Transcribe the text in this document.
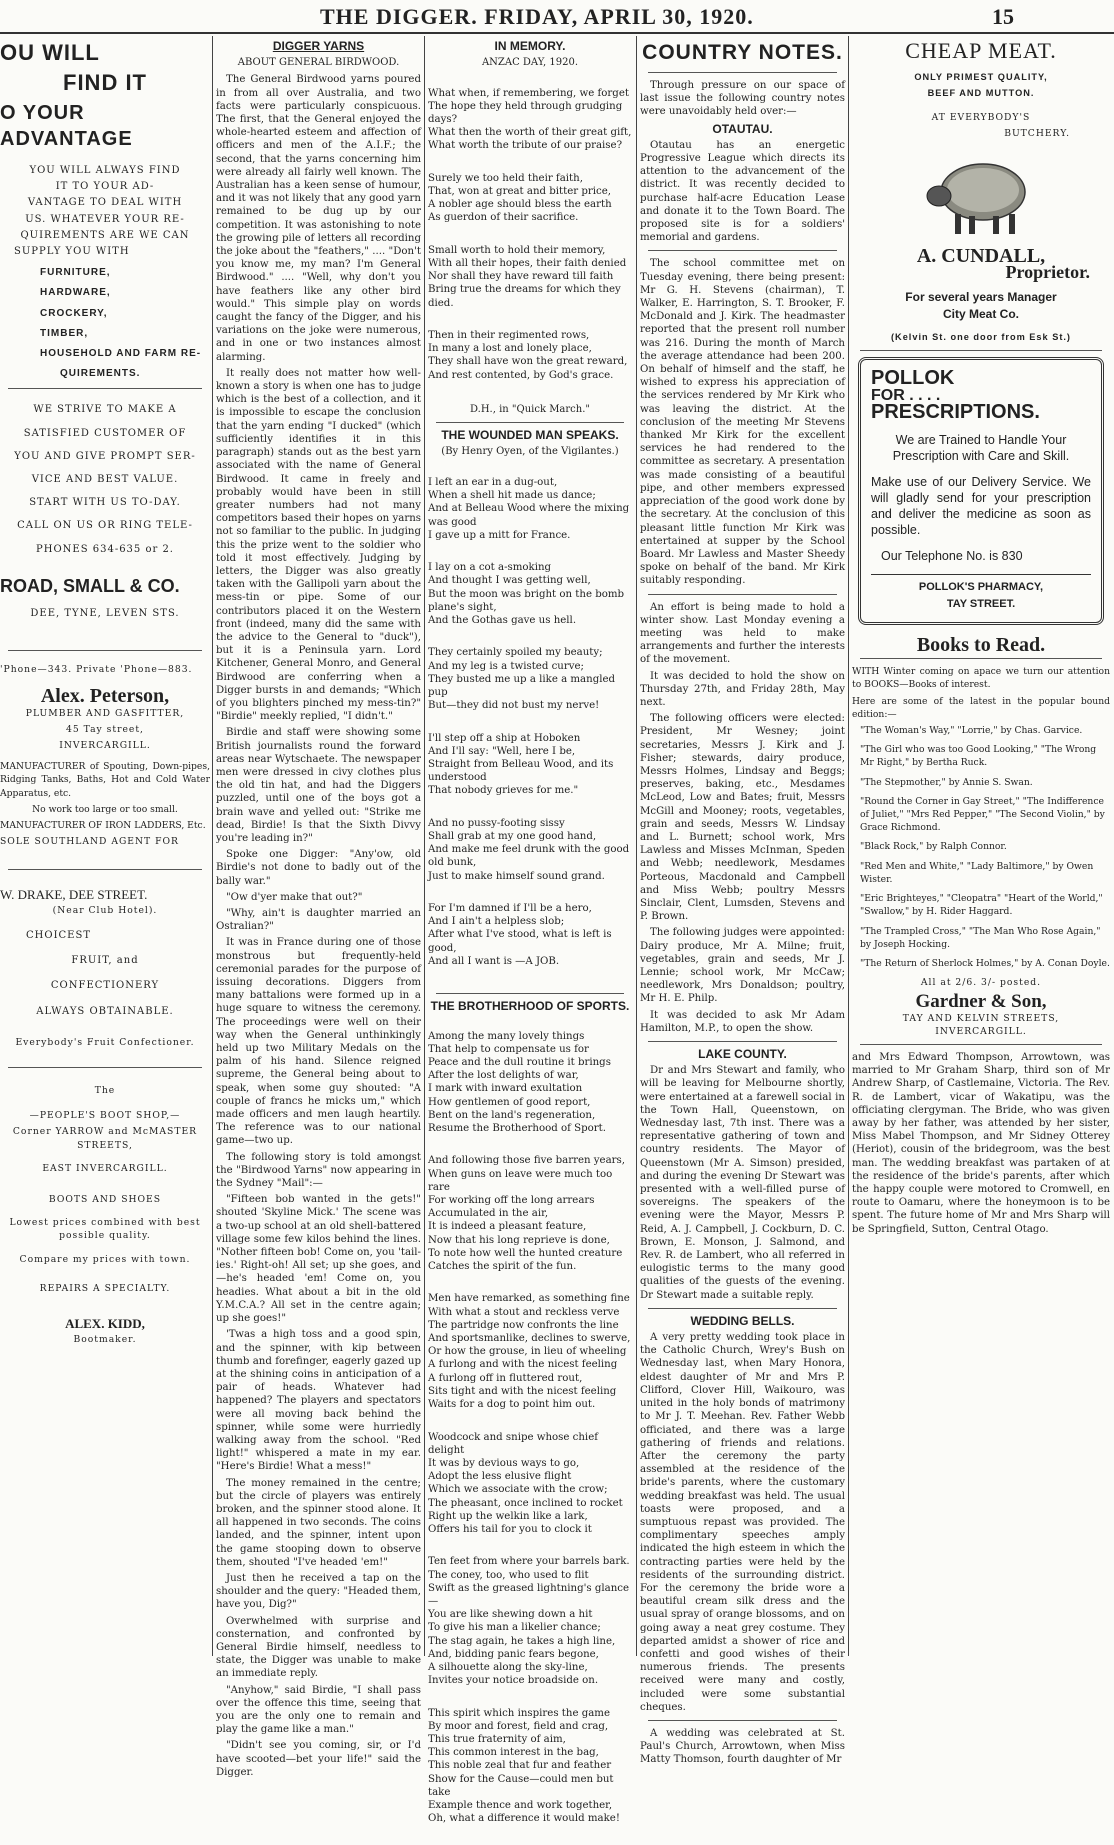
THE DIGGER. FRIDAY, APRIL 30, 1920.	15
OU WILL
FIND IT
O YOUR ADVANTAGE
YOU WILL ALWAYS FIND
IT TO YOUR AD-
VANTAGE TO DEAL WITH
US. WHATEVER YOUR RE-
QUIREMENTS ARE WE CAN
SUPPLY YOU WITH
FURNITURE,
HARDWARE,
CROCKERY,
TIMBER,
HOUSEHOLD AND FARM RE-
QUIREMENTS.
WE STRIVE TO MAKE A
SATISFIED CUSTOMER OF
YOU AND GIVE PROMPT SER-
VICE AND BEST VALUE.
START WITH US TO-DAY.
CALL ON US OR RING TELE-
PHONES 634-635 or 2.
ROAD, SMALL & CO.
DEE, TYNE, LEVEN STS.
'Phone—343. Private 'Phone—883.
Alex. Peterson,
PLUMBER AND GASFITTER,
45 Tay street,
INVERCARGILL.

MANUFACTURER of Spouting, Down-pipes, Ridging Tanks, Baths, Hot and Cold Water Apparatus, etc.

No work too large or too small.

MANUFACTURER OF IRON LADDERS, Etc.

SOLE SOUTHLAND AGENT FOR

W. DRAKE, DEE STREET.
(Near Club Hotel).
CHOICEST
FRUIT, and
CONFECTIONERY
ALWAYS OBTAINABLE.
Everybody's Fruit Confectioner.
The
—PEOPLE'S BOOT SHOP,—
Corner YARROW and McMASTER STREETS,
EAST INVERCARGILL.
BOOTS AND SHOES
Lowest prices combined with best possible quality.
Compare my prices with town.
REPAIRS A SPECIALTY.
ALEX. KIDD,
Bootmaker.
DIGGER YARNS
ABOUT GENERAL BIRDWOOD.

The General Birdwood yarns poured in from all over Australia, and two facts were particularly conspicuous. The first, that the General enjoyed the whole-hearted esteem and affection of officers and men of the A.I.F.; the second, that the yarns concerning him were already all fairly well known. The Australian has a keen sense of humour, and it was not likely that any good yarn remained to be dug up by our competition. It was astonishing to note the growing pile of letters all recording the joke about the "feathers," .... "Don't you know me, my man? I'm General Birdwood." .... "Well, why don't you have feathers like any other bird would." This simple play on words caught the fancy of the Digger, and his variations on the joke were numerous, and in one or two instances almost alarming.

It really does not matter how well-known a story is when one has to judge which is the best of a collection, and it is impossible to escape the conclusion that the yarn ending "I ducked" (which sufficiently identifies it in this paragraph) stands out as the best yarn associated with the name of General Birdwood. It came in freely and probably would have been in still greater numbers had not many competitors based their hopes on yarns not so familiar to the public. In judging this the prize went to the soldier who told it most effectively. Judging by letters, the Digger was also greatly taken with the Gallipoli yarn about the mess-tin or pipe. Some of our contributors placed it on the Western front (indeed, many did the same with the advice to the General to "duck"), but it is a Peninsula yarn. Lord Kitchener, General Monro, and General Birdwood are conferring when a Digger bursts in and demands; "Which of you blighters pinched my mess-tin?" "Birdie" meekly replied, "I didn't."

Birdie and staff were showing some British journalists round the forward areas near Wytschaete. The newspaper men were dressed in civy clothes plus the old tin hat, and had the Diggers puzzled, until one of the boys got a brain wave and yelled out: "Strike me dead, Birdie! Is that the Sixth Divvy you're leading in?"

Spoke one Digger: "Any'ow, old Birdie's not done to badly out of the bally war."

"Ow d'yer make that out?"

"Why, ain't is daughter married an Ostralian?"

It was in France during one of those monstrous but frequently-held ceremonial parades for the purpose of issuing decorations. Diggers from many battalions were formed up in a huge square to witness the ceremony. The proceedings were well on their way when the General unthinkingly held up two Military Medals on the palm of his hand. Silence reigned supreme, the General being about to speak, when some guy shouted: "A couple of francs he micks um," which made officers and men laugh heartily. The reference was to our national game—two up.

The following story is told amongst the "Birdwood Yarns" now appearing in the Sydney "Mail":—

"Fifteen bob wanted in the gets!" shouted 'Skyline Mick.' The scene was a two-up school at an old shell-battered village some few kilos behind the lines. "Nother fifteen bob! Come on, you 'tail-ies.' Right-oh! All set; up she goes, and—he's headed 'em! Come on, you headies. What about a bit in the old Y.M.C.A.? All set in the centre again; up she goes!"

'Twas a high toss and a good spin, and the spinner, with kip between thumb and forefinger, eagerly gazed up at the shining coins in anticipation of a pair of heads. Whatever had happened? The players and spectators were all moving back behind the spinner, while some were hurriedly walking away from the school. "Red light!" whispered a mate in my ear. "Here's Birdie! What a mess!"

The money remained in the centre; but the circle of players was entirely broken, and the spinner stood alone. It all happened in two seconds. The coins landed, and the spinner, intent upon the game stooping down to observe them, shouted "I've headed 'em!"

Just then he received a tap on the shoulder and the query: "Headed them, have you, Dig?"

Overwhelmed with surprise and consternation, and confronted by General Birdie himself, needless to state, the Digger was unable to make an immediate reply.

"Anyhow," said Birdie, "I shall pass over the offence this time, seeing that you are the only one to remain and play the game like a man."

"Didn't see you coming, sir, or I'd have scooted—bet your life!" said the Digger.

IN MEMORY.
ANZAC DAY, 1920.

What when, if remembering, we forget
The hope they held through grudging days?
What then the worth of their great gift,
What worth the tribute of our praise?

Surely we too held their faith,
That, won at great and bitter price,
A nobler age should bless the earth
As guerdon of their sacrifice.

Small worth to hold their memory,
With all their hopes, their faith denied
Nor shall they have reward till faith
Bring true the dreams for which they died.

Then in their regimented rows,
In many a lost and lonely place,
They shall have won the great reward,
And rest contented, by God's grace.

D.H., in "Quick March."
THE WOUNDED MAN SPEAKS.
(By Henry Oyen, of the Vigilantes.)

I left an ear in a dug-out,
When a shell hit made us dance;
And at Belleau Wood where the mixing was good
I gave up a mitt for France.

I lay on a cot a-smoking
And thought I was getting well,
But the moon was bright on the bomb plane's sight,
And the Gothas gave us hell.

They certainly spoiled my beauty;
And my leg is a twisted curve;
They busted me up a like a mangled pup
But—they did not bust my nerve!

I'll step off a ship at Hoboken
And I'll say: "Well, here I be,
Straight from Belleau Wood, and its understood
That nobody grieves for me."

And no pussy-footing sissy
Shall grab at my one good hand,
And make me feel drunk with the good old bunk,
Just to make himself sound grand.

For I'm damned if I'll be a hero,
And I ain't a helpless slob;
After what I've stood, what is left is good,
And all I want is —A JOB.

THE BROTHERHOOD OF SPORTS.

Among the many lovely things
That help to compensate us for
Peace and the dull routine it brings
After the lost delights of war,
I mark with inward exultation
How gentlemen of good report,
Bent on the land's regeneration,
Resume the Brotherhood of Sport.

And following those five barren years,
When guns on leave were much too rare
For working off the long arrears
Accumulated in the air,
It is indeed a pleasant feature,
Now that his long reprieve is done,
To note how well the hunted creature
Catches the spirit of the fun.

Men have remarked, as something fine
With what a stout and reckless verve
The partridge now confronts the line
And sportsmanlike, declines to swerve,
Or how the grouse, in lieu of wheeling
A furlong and with the nicest feeling
A furlong off in fluttered rout,
Sits tight and with the nicest feeling
Waits for a dog to point him out.

Woodcock and snipe whose chief delight
It was by devious ways to go,
Adopt the less elusive flight
Which we associate with the crow;
The pheasant, once inclined to rocket
Right up the welkin like a lark,
Offers his tail for you to clock it

Ten feet from where your barrels bark.
The coney, too, who used to flit
Swift as the greased lightning's glance—
You are like shewing down a hit
To give his man a likelier chance;
The stag again, he takes a high line,
And, bidding panic fears begone,
A silhouette along the sky-line,
Invites your notice broadside on.

This spirit which inspires the game
By moor and forest, field and crag,
This true fraternity of aim,
This common interest in the bag,
This noble zeal that fur and feather
Show for the Cause—could men but take
Example thence and work together,
Oh, what a difference it would make!

COUNTRY NOTES.

Through pressure on our space of last issue the following country notes were unavoidably held over:—

OTAUTAU.

Otautau has an energetic Progressive League which directs its attention to the advancement of the district. It was recently decided to purchase half-acre Education Lease and donate it to the Town Board. The proposed site is for a soldiers' memorial and gardens.

The school committee met on Tuesday evening, there being present: Mr G. H. Stevens (chairman), T. Walker, E. Harrington, S. T. Brooker, F. McDonald and J. Kirk. The headmaster reported that the present roll number was 216. During the month of March the average attendance had been 200. On behalf of himself and the staff, he wished to express his appreciation of the services rendered by Mr Kirk who was leaving the district. At the conclusion of the meeting Mr Stevens thanked Mr Kirk for the excellent services he had rendered to the committee as secretary. A presentation was made consisting of a beautiful pipe, and other members expressed appreciation of the good work done by the secretary. At the conclusion of this pleasant little function Mr Kirk was entertained at supper by the School Board. Mr Lawless and Master Sheedy spoke on behalf of the band. Mr Kirk suitably responding.

An effort is being made to hold a winter show. Last Monday evening a meeting was held to make arrangements and further the interests of the movement.

It was decided to hold the show on Thursday 27th, and Friday 28th, May next.

The following officers were elected: President, Mr Wesney; joint secretaries, Messrs J. Kirk and J. Fisher; stewards, dairy produce, Messrs Holmes, Lindsay and Beggs; preserves, baking, etc., Mesdames McLeod, Low and Bates; fruit, Messrs McGill and Mooney; roots, vegetables, grain and seeds, Messrs W. Lindsay and L. Burnett; school work, Mrs Lawless and Misses McInman, Speden and Webb; needlework, Mesdames Porteous, Macdonald and Campbell and Miss Webb; poultry Messrs Sinclair, Clent, Lumsden, Stevens and P. Brown.

The following judges were appointed: Dairy produce, Mr A. Milne; fruit, vegetables, grain and seeds, Mr J. Lennie; school work, Mr McCaw; needlework, Mrs Donaldson; poultry, Mr H. E. Philp.

It was decided to ask Mr Adam Hamilton, M.P., to open the show.

LAKE COUNTY.

Dr and Mrs Stewart and family, who will be leaving for Melbourne shortly, were entertained at a farewell social in the Town Hall, Queenstown, on Wednesday last, 7th inst. There was a representative gathering of town and country residents. The Mayor of Queenstown (Mr A. Simson) presided, and during the evening Dr Stewart was presented with a well-filled purse of sovereigns. The speakers of the evening were the Mayor, Messrs P. Reid, A. J. Campbell, J. Cockburn, D. C. Brown, E. Monson, J. Salmond, and Rev. R. de Lambert, who all referred in eulogistic terms to the many good qualities of the guests of the evening. Dr Stewart made a suitable reply.

WEDDING BELLS.

A very pretty wedding took place in the Catholic Church, Wrey's Bush on Wednesday last, when Mary Honora, eldest daughter of Mr and Mrs P. Clifford, Clover Hill, Waikouro, was united in the holy bonds of matrimony to Mr J. T. Meehan. Rev. Father Webb officiated, and there was a large gathering of friends and relations. After the ceremony the party assembled at the residence of the bride's parents, where the customary wedding breakfast was held. The usual toasts were proposed, and a sumptuous repast was provided. The complimentary speeches amply indicated the high esteem in which the contracting parties were held by the residents of the surrounding district. For the ceremony the bride wore a beautiful cream silk dress and the usual spray of orange blossoms, and on going away a neat grey costume. They departed amidst a shower of rice and confetti and good wishes of their numerous friends. The presents received were many and costly, included were some substantial cheques.

A wedding was celebrated at St. Paul's Church, Arrowtown, when Miss Matty Thomson, fourth daughter of Mr

CHEAP MEAT.
ONLY PRIMEST QUALITY,
BEEF AND MUTTON.
AT EVERYBODY'S
BUTCHERY.
A. CUNDALL,
Proprietor.
For several years Manager
City Meat Co.
(Kelvin St. one door from Esk St.)
POLLOK
FOR . . . .
PRESCRIPTIONS.

We are Trained to Handle Your Prescription with Care and Skill.

Make use of our Delivery Service. We will gladly send for your prescription and deliver the medicine as soon as possible.

Our Telephone No. is 830

POLLOK'S PHARMACY,
TAY STREET.
Books to Read.

WITH Winter coming on apace we turn our attention to BOOKS—Books of interest.

Here are some of the latest in the popular bound edition:—

"The Woman's Way," "Lorrie," by Chas. Garvice.

"The Girl who was too Good Looking," "The Wrong Mr Right," by Bertha Ruck.

"The Stepmother," by Annie S. Swan.

"Round the Corner in Gay Street," "The Indifference of Juliet," "Mrs Red Pepper," "The Second Violin," by Grace Richmond.

"Black Rock," by Ralph Connor.

"Red Men and White," "Lady Baltimore," by Owen Wister.

"Eric Brighteyes," "Cleopatra" "Heart of the World," "Swallow," by H. Rider Haggard.

"The Trampled Cross," "The Man Who Rose Again," by Joseph Hocking.

"The Return of Sherlock Holmes," by A. Conan Doyle.

All at 2/6. 3/- posted.
Gardner & Son,
TAY AND KELVIN STREETS,
INVERCARGILL.

and Mrs Edward Thompson, Arrowtown, was married to Mr Graham Sharp, third son of Mr Andrew Sharp, of Castlemaine, Victoria. The Rev. R. de Lambert, vicar of Wakatipu, was the officiating clergyman. The Bride, who was given away by her father, was attended by her sister, Miss Mabel Thompson, and Mr Sidney Otterey (Heriot), cousin of the bridegroom, was the best man. The wedding breakfast was partaken of at the residence of the bride's parents, after which the happy couple were motored to Cromwell, en route to Oamaru, where the honeymoon is to be spent. The future home of Mr and Mrs Sharp will be Springfield, Sutton, Central Otago.
